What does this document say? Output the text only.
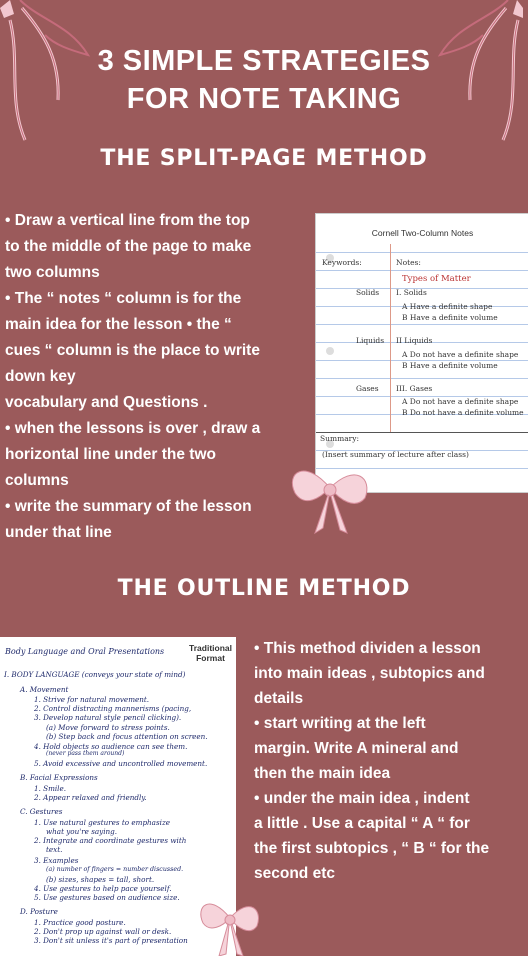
3 SIMPLE STRATEGIES
FOR NOTE TAKING
THE SPLIT-PAGE METHOD
• Draw a vertical line from the top
to the middle of the page to make
two columns
• The “ notes “ column is for the
main idea for the lesson • the “
cues “ column is the place to write
down key
vocabulary and Questions .
• when the lessons is over , draw a
horizontal line under the two
columns
• write the summary of the lesson
under that line
Cornell Two-Column Notes
Keywords:	Notes:
Types of Matter
Solids I. Solids
A Have a definite shape
B Have a definite volume
Liquids II Liquids
A Do not have a definite shape
B Have a definite volume
Gases III. Gases
A Do not have a definite shape
B Do not have a definite volume
Summary:
(Insert summary of lecture after class)
THE OUTLINE METHOD
Body Language and Oral Presentations	Traditional
Format
I. BODY LANGUAGE (conveys your state of mind)
A. Movement
1. Strive for natural movement.
2. Control distracting mannerisms (pacing,
3. Develop natural style pencil clicking).
(a) Move forward to stress points.
(b) Step back and focus attention on screen.
4. Hold objects so audience can see them.
(never pass them around)
5. Avoid excessive and uncontrolled movement.
B. Facial Expressions
1. Smile.
2. Appear relaxed and friendly.
C. Gestures
1. Use natural gestures to emphasize
what you're saying.
2. Integrate and coordinate gestures with
text.
3. Examples
(a) number of fingers = number discussed.
(b) sizes, shapes = tall, short.
4. Use gestures to help pace yourself.
5. Use gestures based on audience size.
D. Posture
1. Practice good posture.
2. Don't prop up against wall or desk.
3. Don't sit unless it's part of presentation
• This method dividen a lesson
into main ideas , subtopics and
details
• start writing at the left
margin. Write A mineral and
then the main idea
• under the main idea , indent
a little . Use a capital “ A “ for
the first subtopics , “ B “ for the
second etc
